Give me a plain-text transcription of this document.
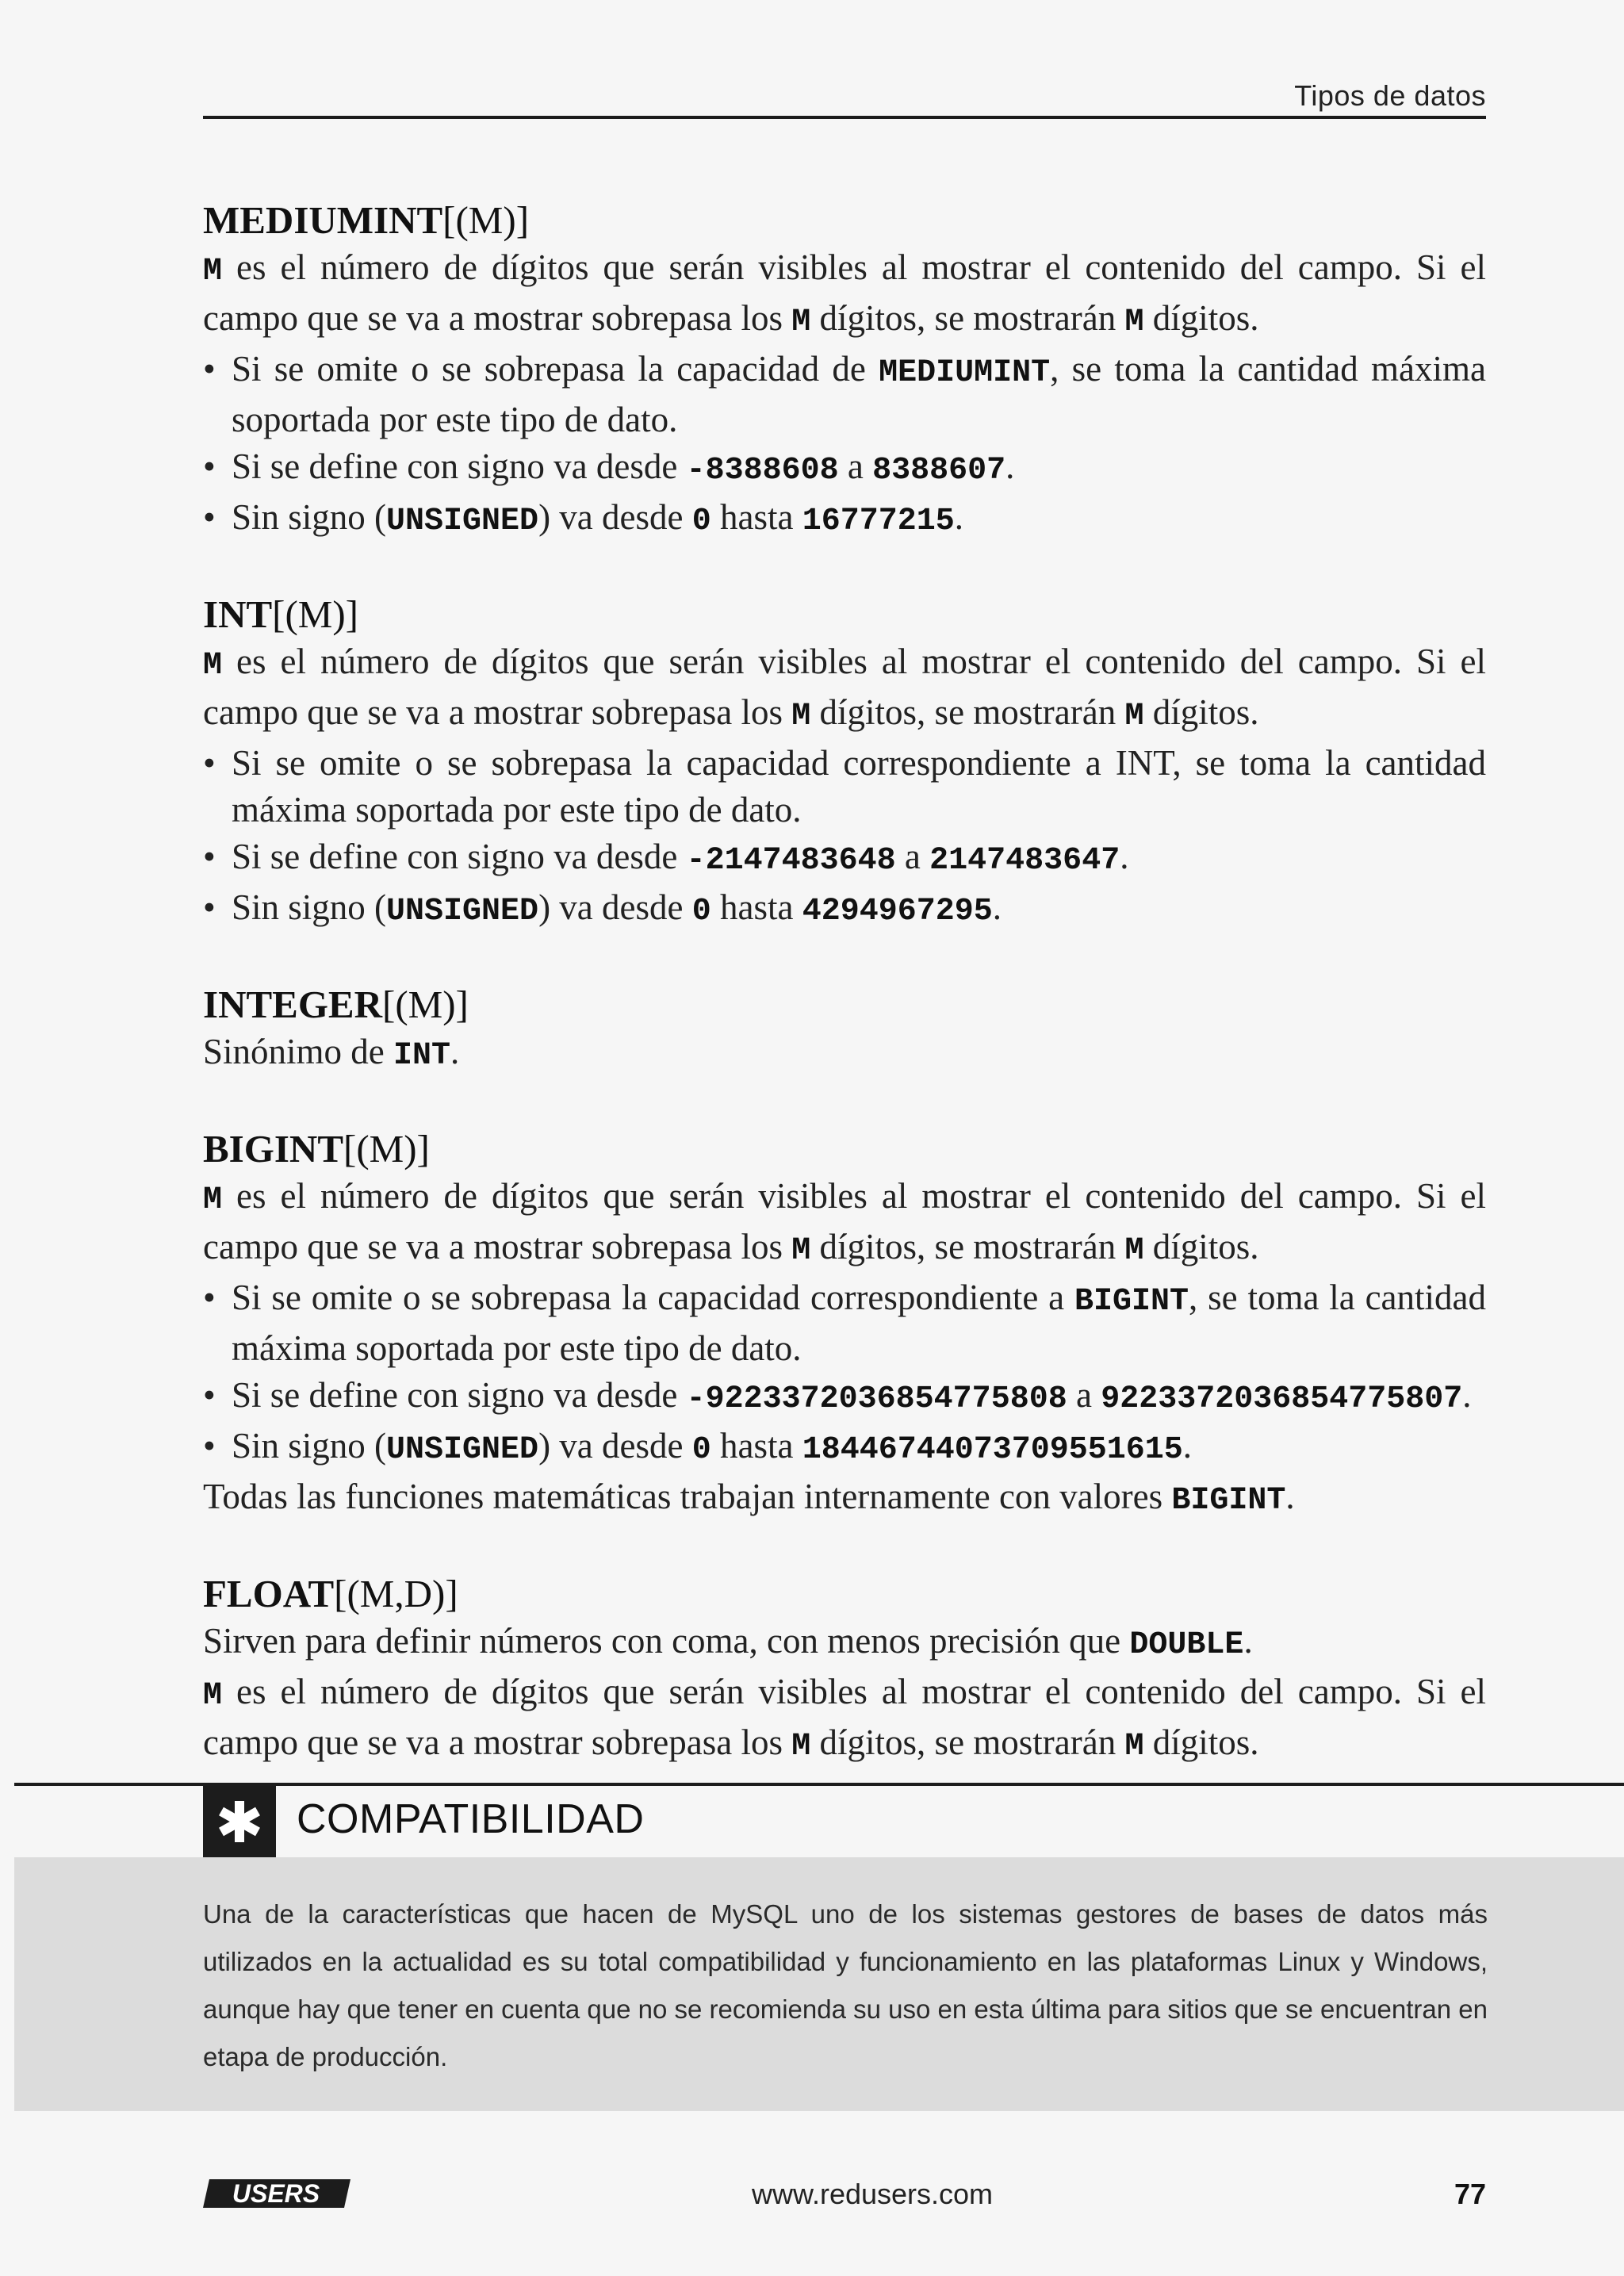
Tipos de datos
MEDIUMINT[(M)]

M es el número de dígitos que serán visibles al mostrar el contenido del campo. Si el campo que se va a mostrar sobrepasa los M dígitos, se mostrarán M dígitos.

• Si se omite o se sobrepasa la capacidad de MEDIUMINT, se toma la cantidad máxima soportada por este tipo de dato.
• Si se define con signo va desde -8388608 a 8388607.
• Sin signo (UNSIGNED) va desde 0 hasta 16777215.
INT[(M)]

M es el número de dígitos que serán visibles al mostrar el contenido del campo. Si el campo que se va a mostrar sobrepasa los M dígitos, se mostrarán M dígitos.

• Si se omite o se sobrepasa la capacidad correspondiente a INT, se toma la cantidad máxima soportada por este tipo de dato.
• Si se define con signo va desde -2147483648 a 2147483647.
• Sin signo (UNSIGNED) va desde 0 hasta 4294967295.
INTEGER[(M)]

Sinónimo de INT.

BIGINT[(M)]

M es el número de dígitos que serán visibles al mostrar el contenido del campo. Si el campo que se va a mostrar sobrepasa los M dígitos, se mostrarán M dígitos.

• Si se omite o se sobrepasa la capacidad correspondiente a BIGINT, se toma la cantidad máxima soportada por este tipo de dato.
• Si se define con signo va desde -9223372036854775808 a 9223372036854775807.
• Sin signo (UNSIGNED) va desde 0 hasta 18446744073709551615.

Todas las funciones matemáticas trabajan internamente con valores BIGINT.

FLOAT[(M,D)]

Sirven para definir números con coma, con menos precisión que DOUBLE.

M es el número de dígitos que serán visibles al mostrar el contenido del campo. Si el campo que se va a mostrar sobrepasa los M dígitos, se mostrarán M dígitos.

COMPATIBILIDAD

Una de la características que hacen de MySQL uno de los sistemas gestores de bases de datos más utilizados en la actualidad es su total compatibilidad y funcionamiento en las plataformas Linux y Windows, aunque hay que tener en cuenta que no se recomienda su uso en esta última para sitios que se encuentran en etapa de producción.

USERS	www.redusers.com	77
